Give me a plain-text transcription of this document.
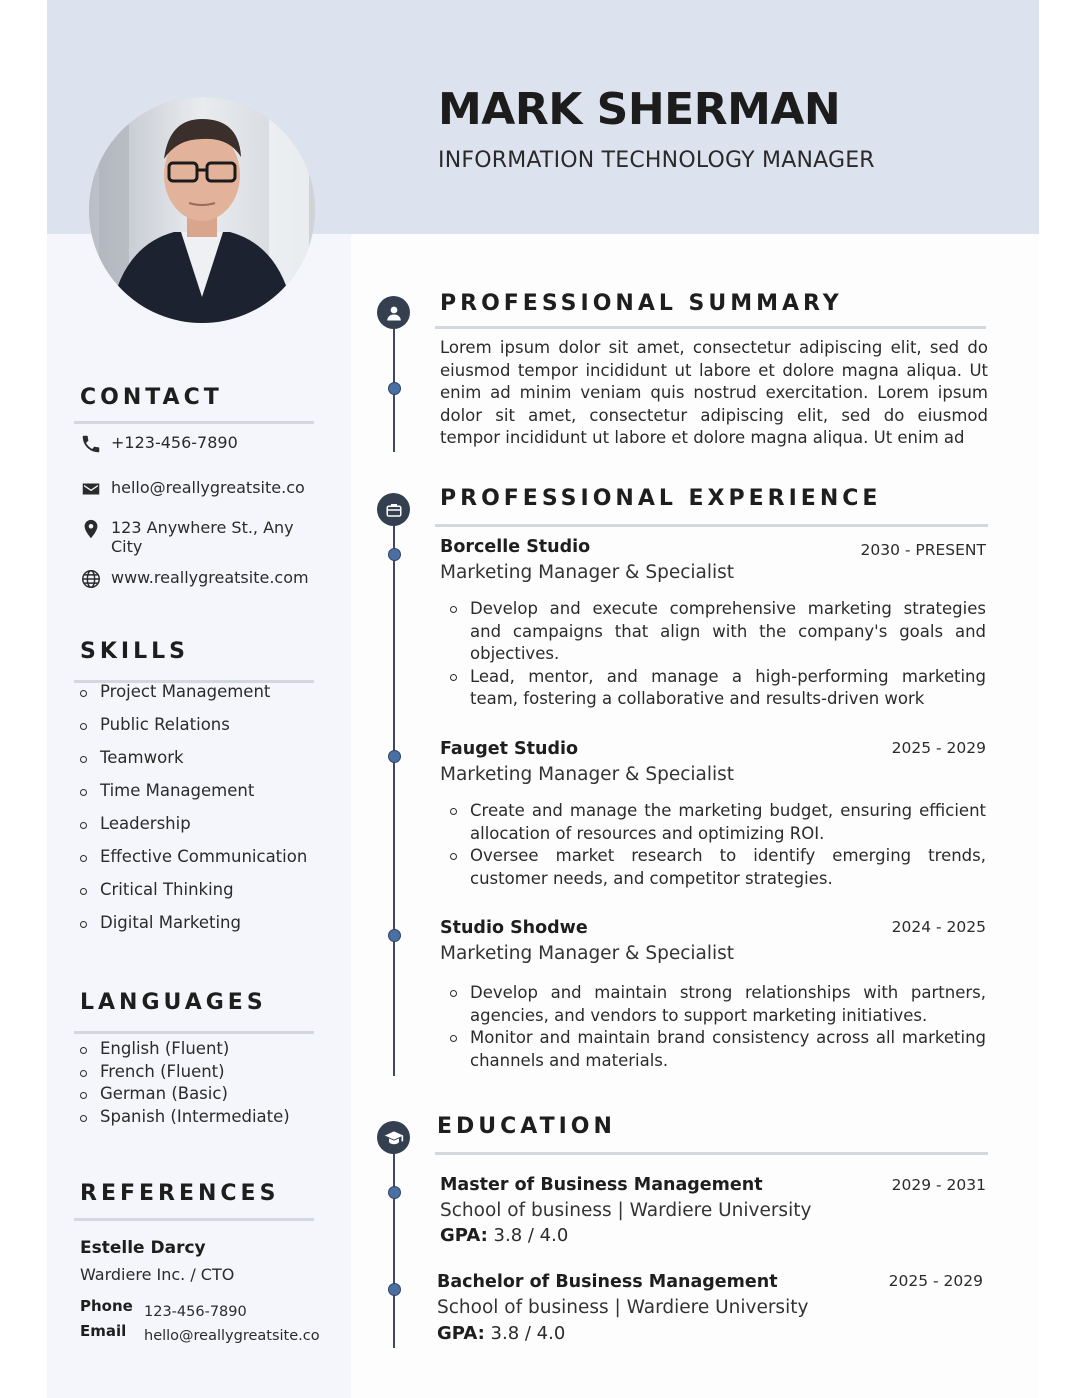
MARK SHERMAN
INFORMATION TECHNOLOGY MANAGER
CONTACT
+123-456-7890
hello@reallygreatsite.co
123 Anywhere St., Any City
www.reallygreatsite.com
SKILLS
Project Management
Public Relations
Teamwork
Time Management
Leadership
Effective Communication
Critical Thinking
Digital Marketing
LANGUAGES
English (Fluent)
French (Fluent)
German (Basic)
Spanish (Intermediate)
REFERENCES
Estelle Darcy
Wardiere Inc. / CTO
Phone 123-456-7890
Email hello@reallygreatsite.co
PROFESSIONAL SUMMARY

Lorem ipsum dolor sit amet, consectetur adipiscing elit, sed do eiusmod tempor incididunt ut labore et dolore magna aliqua. Ut enim ad minim veniam quis nostrud exercitation. Lorem ipsum dolor sit amet, consectetur adipiscing elit, sed do eiusmod tempor incididunt ut labore et dolore magna aliqua. Ut enim ad

PROFESSIONAL EXPERIENCE
Borcelle Studio	2030 - PRESENT
Marketing Manager & Specialist
Develop and execute comprehensive marketing strategies and campaigns that align with the company's goals and objectives.
Lead, mentor, and manage a high-performing marketing team, fostering a collaborative and results-driven work
Fauget Studio	2025 - 2029
Marketing Manager & Specialist
Create and manage the marketing budget, ensuring efficient allocation of resources and optimizing ROI.
Oversee market research to identify emerging trends, customer needs, and competitor strategies.
Studio Shodwe	2024 - 2025
Marketing Manager & Specialist
Develop and maintain strong relationships with partners, agencies, and vendors to support marketing initiatives.
Monitor and maintain brand consistency across all marketing channels and materials.
EDUCATION
Master of Business Management	2029 - 2031
School of business | Wardiere University
GPA: 3.8 / 4.0
Bachelor of Business Management	2025 - 2029
School of business | Wardiere University
GPA: 3.8 / 4.0
